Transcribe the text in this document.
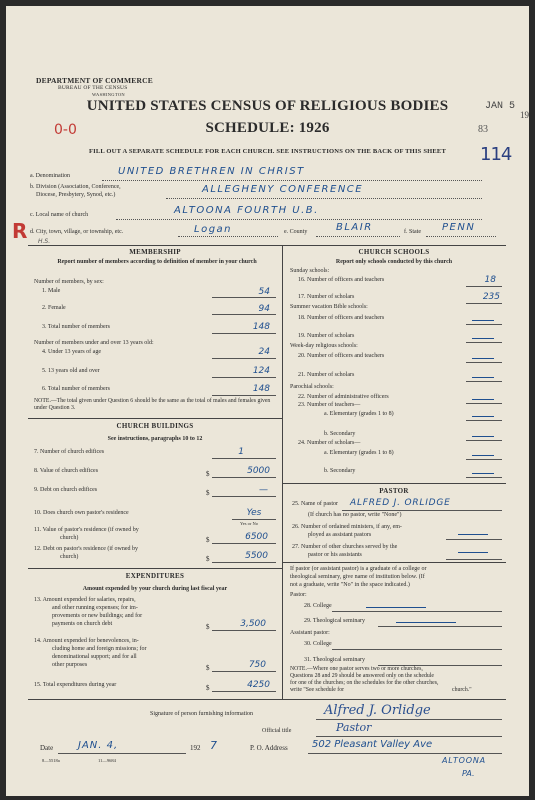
JAN 5
19
83
114
0-0
R
DEPARTMENT OF COMMERCE
BUREAU OF THE CENSUS
WASHINGTON
UNITED STATES CENSUS OF RELIGIOUS BODIES
SCHEDULE: 1926
FILL OUT A SEPARATE SCHEDULE FOR EACH CHURCH. SEE INSTRUCTIONS ON THE BACK OF THIS SHEET
a. Denomination	UNITED BRETHREN IN CHRIST
b. Division (Association, Conference,
Diocese, Presbytery, Synod, etc.)	ALLEGHENY CONFERENCE
c. Local name of church	ALTOONA FOURTH U.B.
d. City, town, village, or township, etc.	Logan	e. County	BLAIR	f. State PENN
H.S.
MEMBERSHIP
Report number of members according to definition of member in your church
Number of members, by sex:
1. Male	54
2. Female	94
3. Total number of members	148
Number of members under and over 13 years old:
4. Under 13 years of age	24
5. 13 years old and over	124
6. Total number of members	148
NOTE.—The total given under Question 6 should be the same as the total of males and females given under Question 3.
CHURCH BUILDINGS
See instructions, paragraphs 10 to 12
7. Number of church edifices	1
8. Value of church edifices	$	5000
9. Debt on church edifices	$	—
10. Does church own pastor's residence	Yes
Yes or No
11. Value of pastor's residence (if owned by
church)	$	6500
12. Debt on pastor's residence (if owned by
church)	$	5500
EXPENDITURES
Amount expended by your church during last fiscal year
13. Amount expended for salaries, repairs,
and other running expenses; for im-
provements or new buildings; and for
payments on church debt	$	3,500
14. Amount expended for benevolences, in-
cluding home and foreign missions; for
denominational support; and for all
other purposes	$	750
15. Total expenditures during year	$	4250
CHURCH SCHOOLS
Report only schools conducted by this church
Sunday schools:
16. Number of officers and teachers	18
17. Number of scholars	235
Summer vacation Bible schools:
18. Number of officers and teachers
19. Number of scholars
Week-day religious schools:
20. Number of officers and teachers
21. Number of scholars
Parochial schools:
22. Number of administrative officers
23. Number of teachers—
a. Elementary (grades 1 to 8)
b. Secondary
24. Number of scholars—
a. Elementary (grades 1 to 8)
b. Secondary
PASTOR
25. Name of pastor ALFRED J. ORLIDGE
(If church has no pastor, write "None")
26. Number of ordained ministers, if any, em-
ployed as assistant pastors
27. Number of other churches served by the
pastor or his assistants
If pastor (or assistant pastor) is a graduate of a college or
theological seminary, give name of institution below. (If
not a graduate, write "No" in the space indicated.)
Pastor:
28. College
29. Theological seminary
Assistant pastor:
30. College
31. Theological seminary
NOTE.—Where one pastor serves two or more churches,
Questions 28 and 29 should be answered only on the schedule
for one of the churches; on the schedules for the other churches,
write "See schedule for	church."
Signature of person furnishing information	Alfred J. Orlidge
Official title	Pastor
Date JAN. 4,	192 7	P. O. Address 502 Pleasant Valley Ave
ALTOONA
PA.
8—5518a	11—9684
